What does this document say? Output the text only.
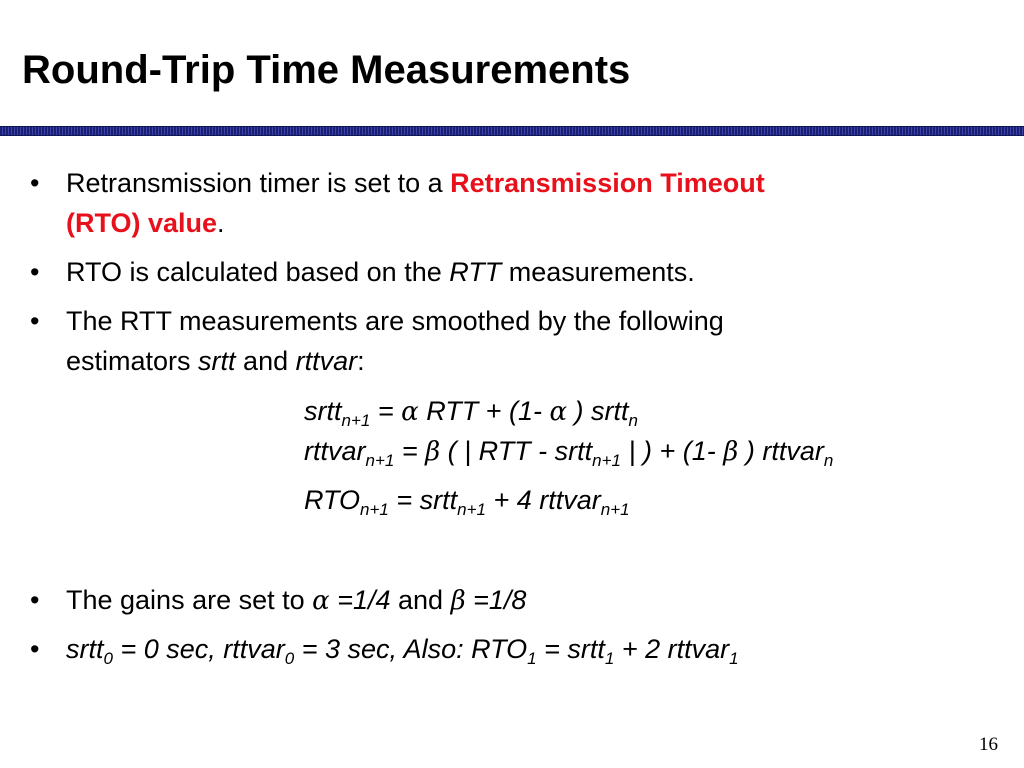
Round-Trip Time Measurements
• Retransmission timer is set to a Retransmission Timeout
(RTO) value.
• RTO is calculated based on the RTT measurements.
• The RTT measurements are smoothed by the following
estimators srtt and rttvar:
srtt$_{n+1}$ = α RTT + (1- α ) srtt$_n$
rttvar$_{n+1}$ = β ( | RTT - srtt$_{n+1}$ | ) + (1- β ) rttvar$_n$
$RTO_{n+1}$ = srtt$_{n+1}$ + 4 rttvar$_{n+1}$
• The gains are set to α =1/4 and β =1/8
• srtt$_0$ = 0 sec, rttvar$_0$ = 3 sec, Also: $RTO_1$ = srtt$_1$ + 2 rttvar$_1$
16
